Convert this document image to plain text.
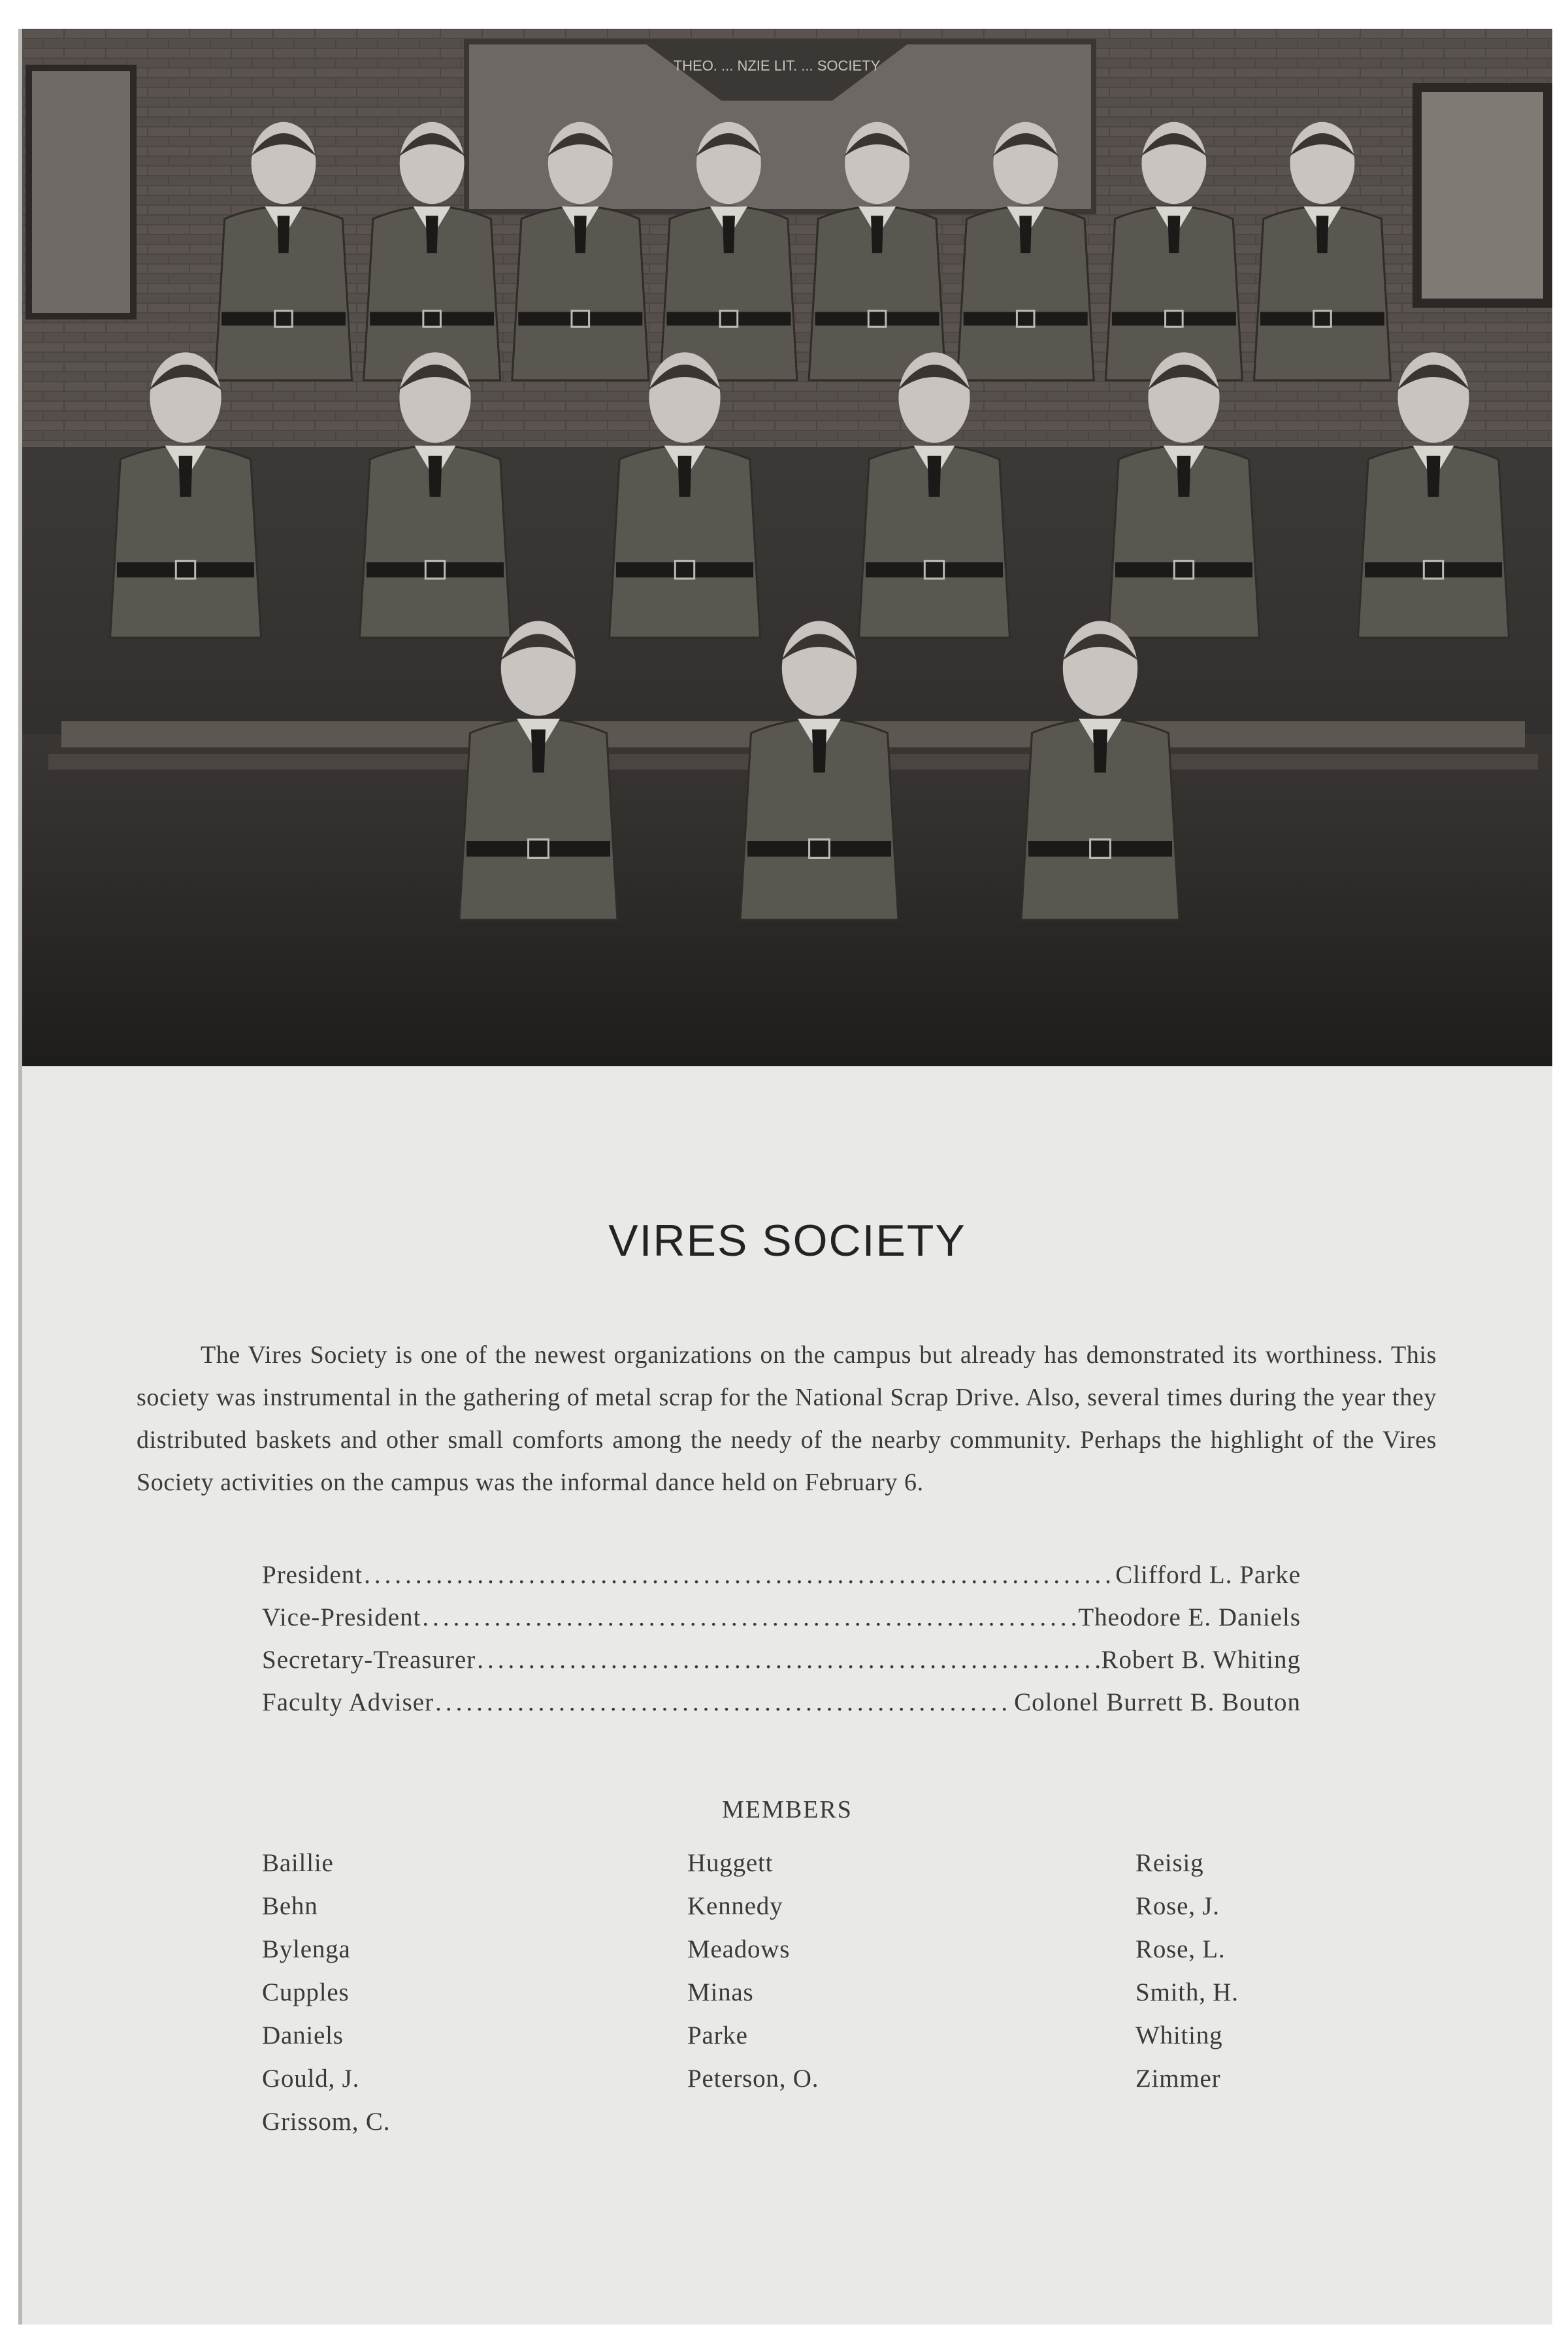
THEO. ... NZIE LIT. ... SOCIETY
VIRES SOCIETY

The Vires Society is one of the newest organizations on the campus but already has demonstrated its worthiness. This society was instrumental in the gathering of metal scrap for the National Scrap Drive. Also, several times during the year they distributed baskets and other small comforts among the needy of the nearby community. Perhaps the highlight of the Vires Society activities on the campus was the informal dance held on February 6.

President .....	Clifford L. Parke
Vice-President .....	Theodore E. Daniels
Secretary-Treasurer .....	Robert B. Whiting
Faculty Adviser .....	Colonel Burrett B. Bouton
MEMBERS
Baillie
Behn
Bylenga
Cupples
Daniels
Gould, J.
Grissom, C.
Huggett
Kennedy
Meadows
Minas
Parke
Peterson, O.
Reisig
Rose, J.
Rose, L.
Smith, H.
Whiting
Zimmer
